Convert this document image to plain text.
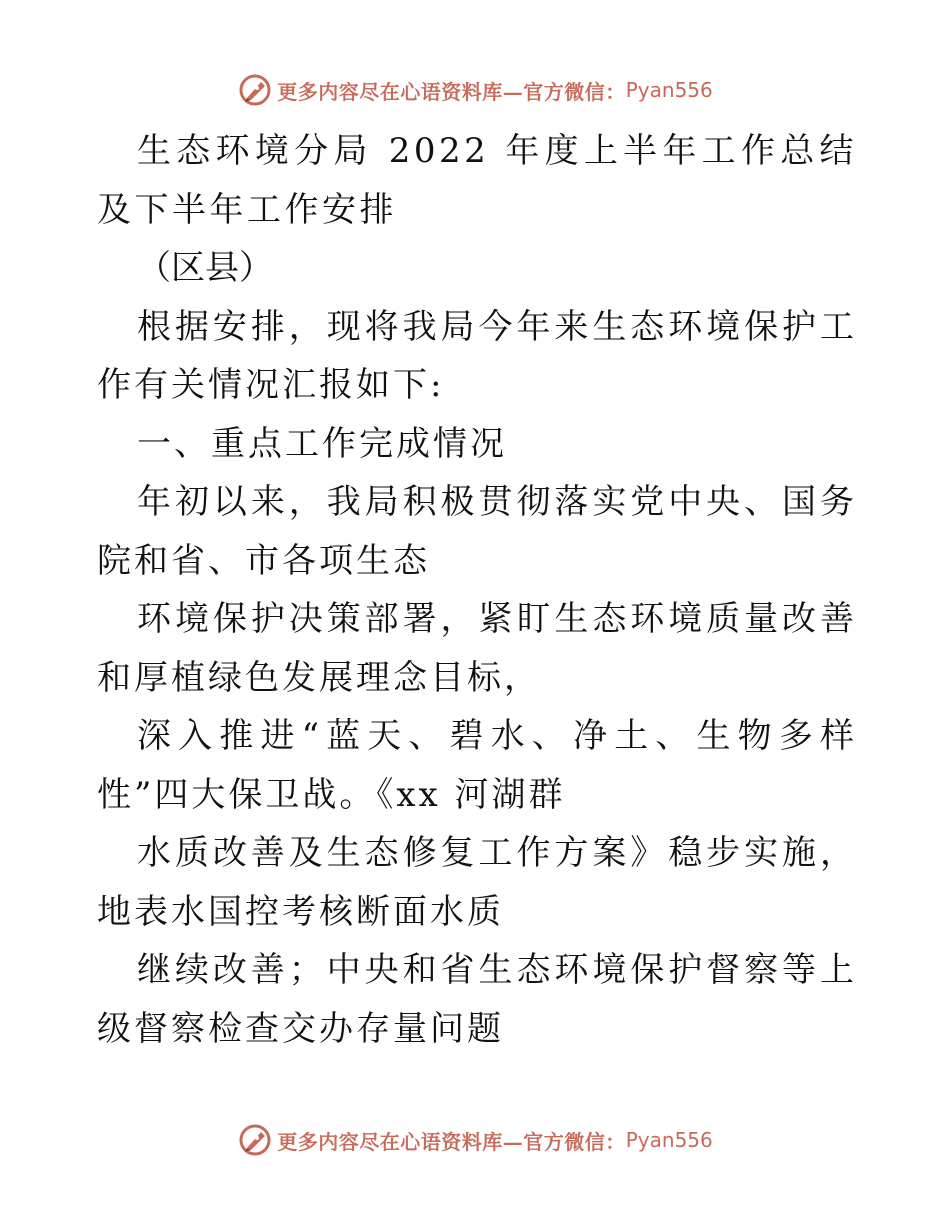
更多内容尽在心语资料库—官方微信： Pyan556

生态环境分局 2022 年度上半年工作总结及下半年工作安排

（区县）

根据安排，现将我局今年来生态环境保护工作有关情况汇报如下:

一、重点工作完成情况

年初以来，我局积极贯彻落实党中央、国务院和省、市各项生态

环境保护决策部署，紧盯生态环境质量改善和厚植绿色发展理念目标，

深入推进“蓝天、碧水、净土、生物多样性”四大保卫战。《xx 河湖群

水质改善及生态修复工作方案》稳步实施，地表水国控考核断面水质

继续改善；中央和省生态环境保护督察等上级督察检查交办存量问题

更多内容尽在心语资料库—官方微信： Pyan556
